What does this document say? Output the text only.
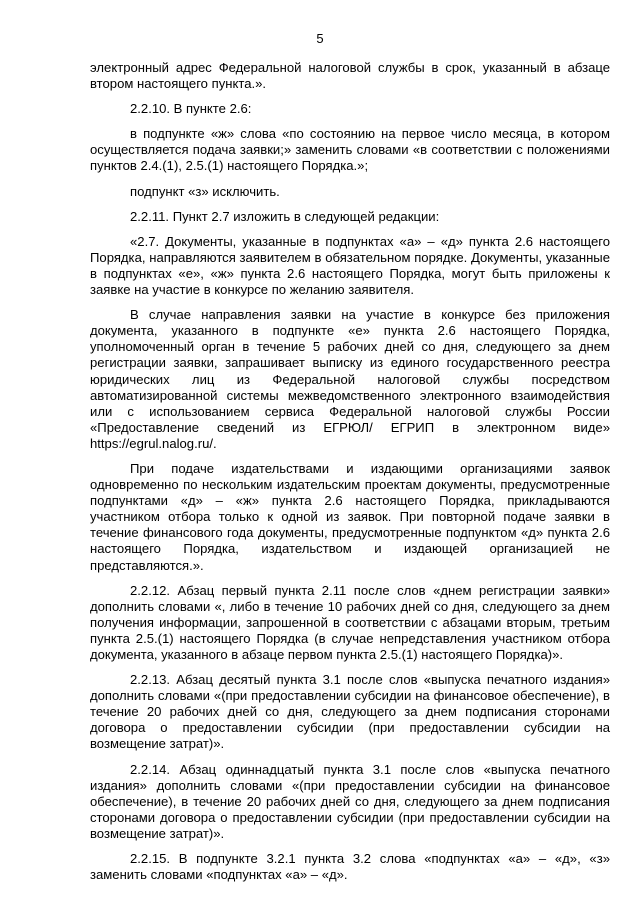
5

электронный адрес Федеральной налоговой службы в срок, указанный в абзаце втором настоящего пункта.».

2.2.10. В пункте 2.6:

в подпункте «ж» слова «по состоянию на первое число месяца, в котором осуществляется подача заявки;» заменить словами «в соответствии с положениями пунктов 2.4.(1), 2.5.(1) настоящего Порядка.»;

подпункт «з» исключить.

2.2.11. Пункт 2.7 изложить в следующей редакции:

«2.7. Документы, указанные в подпунктах «а» – «д» пункта 2.6 настоящего Порядка, направляются заявителем в обязательном порядке. Документы, указанные в подпунктах «е», «ж» пункта 2.6 настоящего Порядка, могут быть приложены к заявке на участие в конкурсе по желанию заявителя.

В случае направления заявки на участие в конкурсе без приложения документа, указанного в подпункте «е» пункта 2.6 настоящего Порядка, уполномоченный орган в течение 5 рабочих дней со дня, следующего за днем регистрации заявки, запрашивает выписку из единого государственного реестра юридических лиц из Федеральной налоговой службы посредством автоматизированной системы межведомственного электронного взаимодействия или с использованием сервиса Федеральной налоговой службы России «Предоставление сведений из ЕГРЮЛ/ ЕГРИП в электронном виде» https://egrul.nalog.ru/.

При подаче издательствами и издающими организациями заявок одновременно по нескольким издательским проектам документы, предусмотренные подпунктами «д» – «ж» пункта 2.6 настоящего Порядка, прикладываются участником отбора только к одной из заявок. При повторной подаче заявки в течение финансового года документы, предусмотренные подпунктом «д» пункта 2.6 настоящего Порядка, издательством и издающей организацией не представляются.».

2.2.12. Абзац первый пункта 2.11 после слов «днем регистрации заявки» дополнить словами «, либо в течение 10 рабочих дней со дня, следующего за днем получения информации, запрошенной в соответствии с абзацами вторым, третьим пункта 2.5.(1) настоящего Порядка (в случае непредставления участником отбора документа, указанного в абзаце первом пункта 2.5.(1) настоящего Порядка)».

2.2.13. Абзац десятый пункта 3.1 после слов «выпуска печатного издания» дополнить словами «(при предоставлении субсидии на финансовое обеспечение), в течение 20 рабочих дней со дня, следующего за днем подписания сторонами договора о предоставлении субсидии (при предоставлении субсидии на возмещение затрат)».

2.2.14. Абзац одиннадцатый пункта 3.1 после слов «выпуска печатного издания» дополнить словами «(при предоставлении субсидии на финансовое обеспечение), в течение 20 рабочих дней со дня, следующего за днем подписания сторонами договора о предоставлении субсидии (при предоставлении субсидии на возмещение затрат)».

2.2.15. В подпункте 3.2.1 пункта 3.2 слова «подпунктах «а» – «д», «з» заменить словами «подпунктах «а» – «д».
